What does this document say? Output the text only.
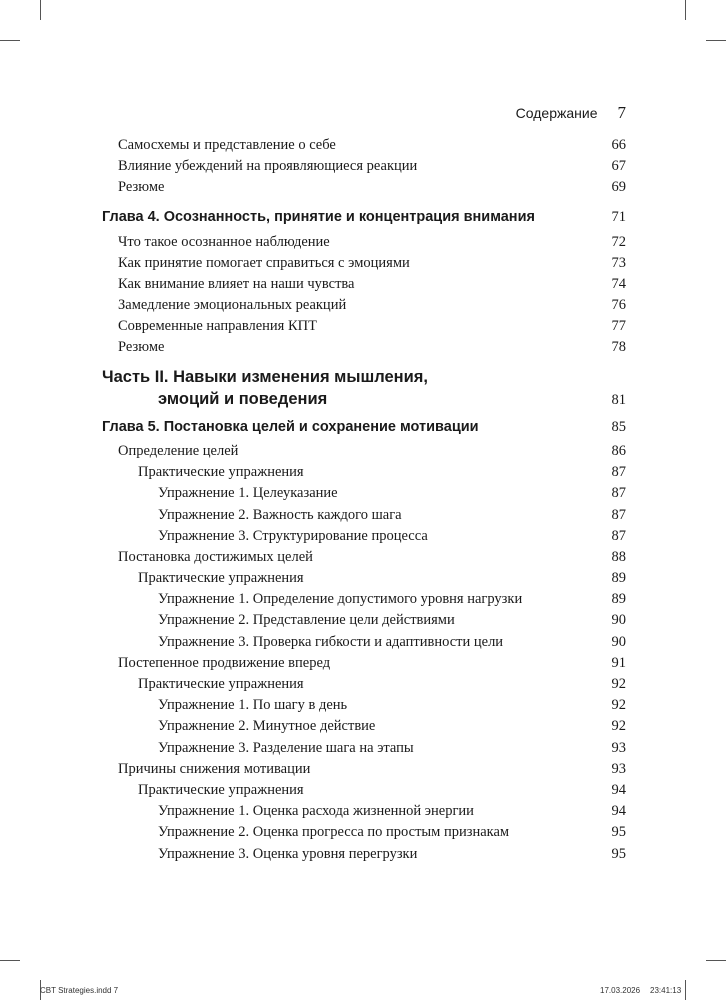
Содержание 7
Самосхемы и представление о себе	66
Влияние убеждений на проявляющиеся реакции	67
Резюме	69
Глава 4. Осознанность, принятие и концентрация внимания	71
Что такое осознанное наблюдение	72
Как принятие помогает справиться с эмоциями	73
Как внимание влияет на наши чувства	74
Замедление эмоциональных реакций	76
Современные направления КПТ	77
Резюме	78
Часть II. Навыки изменения мышления,
эмоций и поведения	81
Глава 5. Постановка целей и сохранение мотивации	85
Определение целей	86
Практические упражнения	87
Упражнение 1. Целеуказание	87
Упражнение 2. Важность каждого шага	87
Упражнение 3. Структурирование процесса	87
Постановка достижимых целей	88
Практические упражнения	89
Упражнение 1. Определение допустимого уровня нагрузки	89
Упражнение 2. Представление цели действиями	90
Упражнение 3. Проверка гибкости и адаптивности цели	90
Постепенное продвижение вперед	91
Практические упражнения	92
Упражнение 1. По шагу в день	92
Упражнение 2. Минутное действие	92
Упражнение 3. Разделение шага на этапы	93
Причины снижения мотивации	93
Практические упражнения	94
Упражнение 1. Оценка расхода жизненной энергии	94
Упражнение 2. Оценка прогресса по простым признакам	95
Упражнение 3. Оценка уровня перегрузки	95
CBT Strategies.indd 7	17.03.2026 23:41:13
